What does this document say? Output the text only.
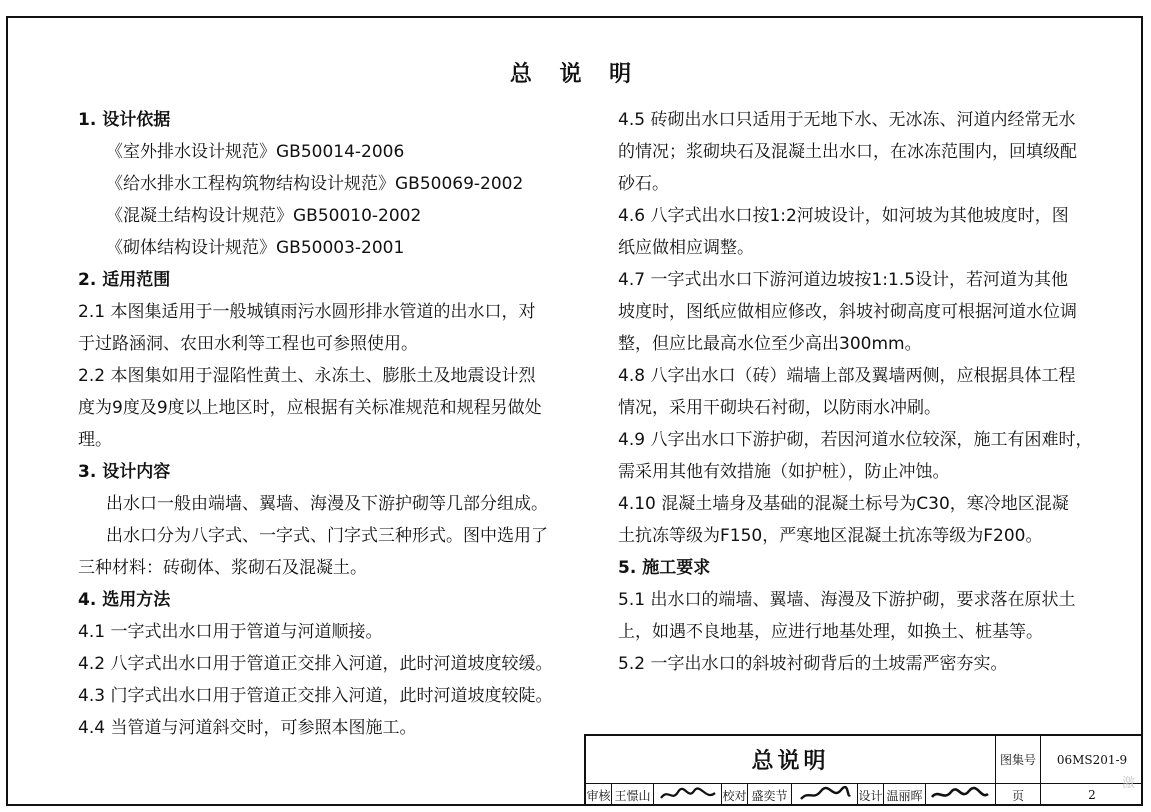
总 说 明
1. 设计依据
《室外排水设计规范》GB50014-2006
《给水排水工程构筑物结构设计规范》GB50069-2002
《混凝土结构设计规范》GB50010-2002
《砌体结构设计规范》GB50003-2001
2. 适用范围
2.1 本图集适用于一般城镇雨污水圆形排水管道的出水口，对
于过路涵洞、农田水利等工程也可参照使用。
2.2 本图集如用于湿陷性黄土、永冻土、膨胀土及地震设计烈
度为9度及9度以上地区时，应根据有关标准规范和规程另做处
理。
3. 设计内容
出水口一般由端墙、翼墙、海漫及下游护砌等几部分组成。
出水口分为八字式、一字式、门字式三种形式。图中选用了
三种材料：砖砌体、浆砌石及混凝土。
4. 选用方法
4.1 一字式出水口用于管道与河道顺接。
4.2 八字式出水口用于管道正交排入河道，此时河道坡度较缓。
4.3 门字式出水口用于管道正交排入河道，此时河道坡度较陡。
4.4 当管道与河道斜交时，可参照本图施工。
4.5 砖砌出水口只适用于无地下水、无冰冻、河道内经常无水
的情况；浆砌块石及混凝土出水口，在冰冻范围内，回填级配
砂石。
4.6 八字式出水口按1:2河坡设计，如河坡为其他坡度时，图
纸应做相应调整。
4.7 一字式出水口下游河道边坡按1:1.5设计，若河道为其他
坡度时，图纸应做相应修改，斜坡衬砌高度可根据河道水位调
整，但应比最高水位至少高出300mm。
4.8 八字出水口（砖）端墙上部及翼墙两侧，应根据具体工程
情况，采用干砌块石衬砌，以防雨水冲刷。
4.9 八字出水口下游护砌，若因河道水位较深，施工有困难时，
需采用其他有效措施（如护桩），防止冲蚀。
4.10 混凝土墙身及基础的混凝土标号为C30，寒冷地区混凝
土抗冻等级为F150，严寒地区混凝土抗冻等级为F200。
5. 施工要求
5.1 出水口的端墙、翼墙、海漫及下游护砌，要求落在原状土
上，如遇不良地基，应进行地基处理，如换土、桩基等。
5.2 一字出水口的斜坡衬砌背后的土坡需严密夯实。
总说明	图集号	06MS201-9
审核 王憬山	校对 盛奕节	设计 温丽晖	页	2
激
